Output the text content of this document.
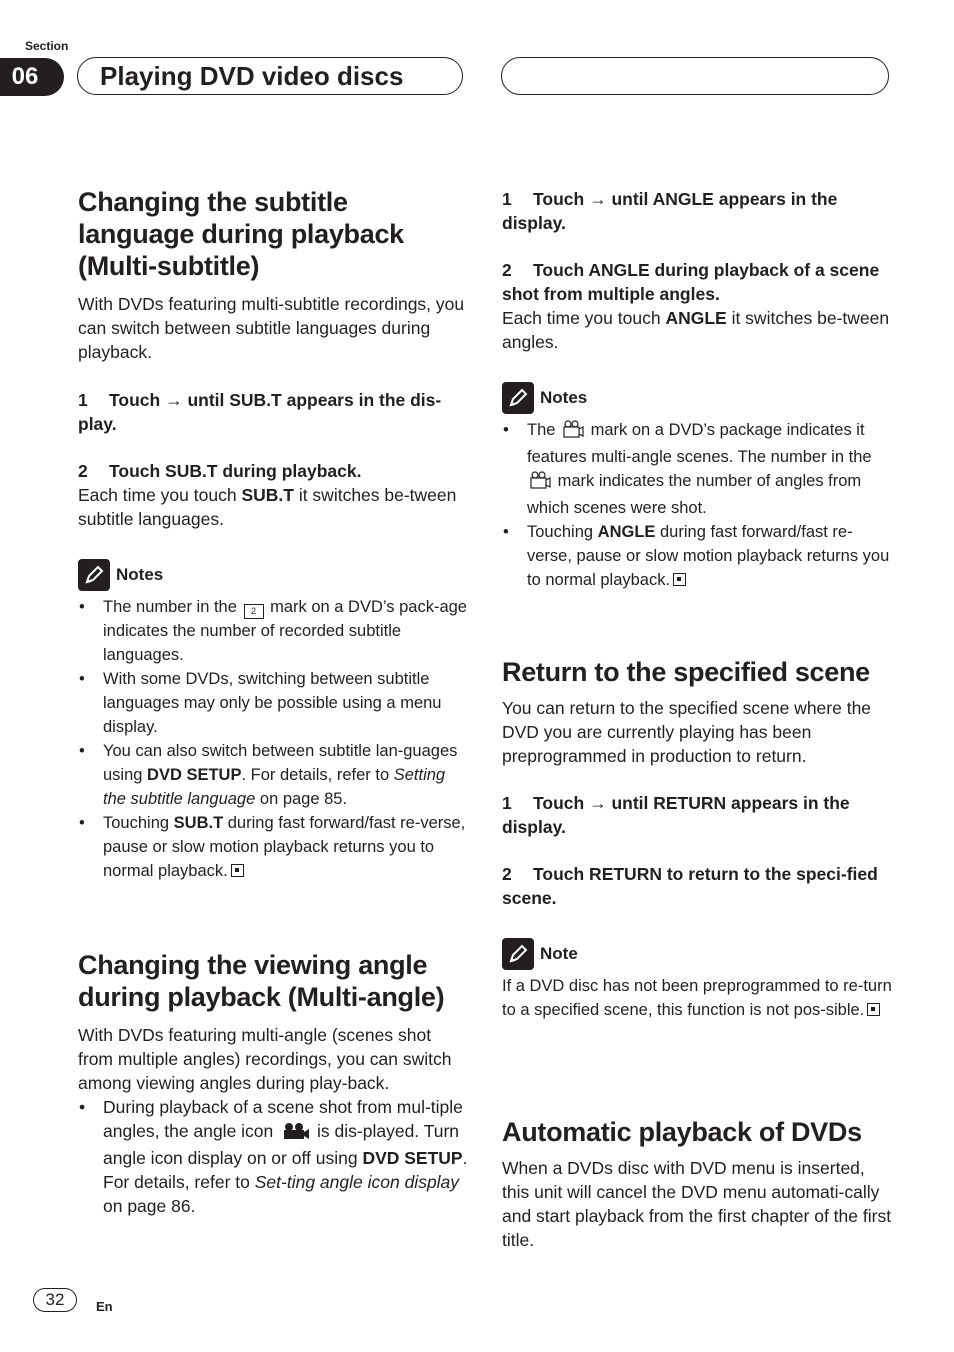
Section
06	Playing DVD video discs
Changing the subtitle language during playback (Multi-subtitle)

With DVDs featuring multi-subtitle recordings, you can switch between subtitle languages during playback.

1 Touch → until SUB.T appears in the dis-play.

2 Touch SUB.T during playback.

Each time you touch SUB.T it switches be-tween subtitle languages.

Notes
• The number in the 2 mark on a DVD’s pack-age indicates the number of recorded subtitle languages.
• With some DVDs, switching between subtitle languages may only be possible using a menu display.
• You can also switch between subtitle lan-guages using DVD SETUP. For details, refer to Setting the subtitle language on page 85.
• Touching SUB.T during fast forward/fast re-verse, pause or slow motion playback returns you to normal playback.
Changing the viewing angle during playback (Multi-angle)

With DVDs featuring multi-angle (scenes shot from multiple angles) recordings, you can switch among viewing angles during play-back.

• During playback of a scene shot from mul-tiple angles, the angle icon	is dis-played. Turn angle icon display on or off using DVD SETUP. For details, refer to Set-ting angle icon display on page 86.

1 Touch → until ANGLE appears in the display.

2 Touch ANGLE during playback of a scene shot from multiple angles.

Each time you touch ANGLE it switches be-tween angles.

Notes
• The mark on a DVD’s package indicates it features multi-angle scenes. The number in the  mark indicates the number of angles from which scenes were shot.
• Touching ANGLE during fast forward/fast re-verse, pause or slow motion playback returns you to normal playback.
Return to the specified scene

You can return to the specified scene where the DVD you are currently playing has been preprogrammed in production to return.

1 Touch → until RETURN appears in the display.

2 Touch RETURN to return to the speci-fied scene.

Note

If a DVD disc has not been preprogrammed to re-turn to a specified scene, this function is not pos-sible.

Automatic playback of DVDs

When a DVDs disc with DVD menu is inserted, this unit will cancel the DVD menu automati-cally and start playback from the first chapter of the first title.

32	En
